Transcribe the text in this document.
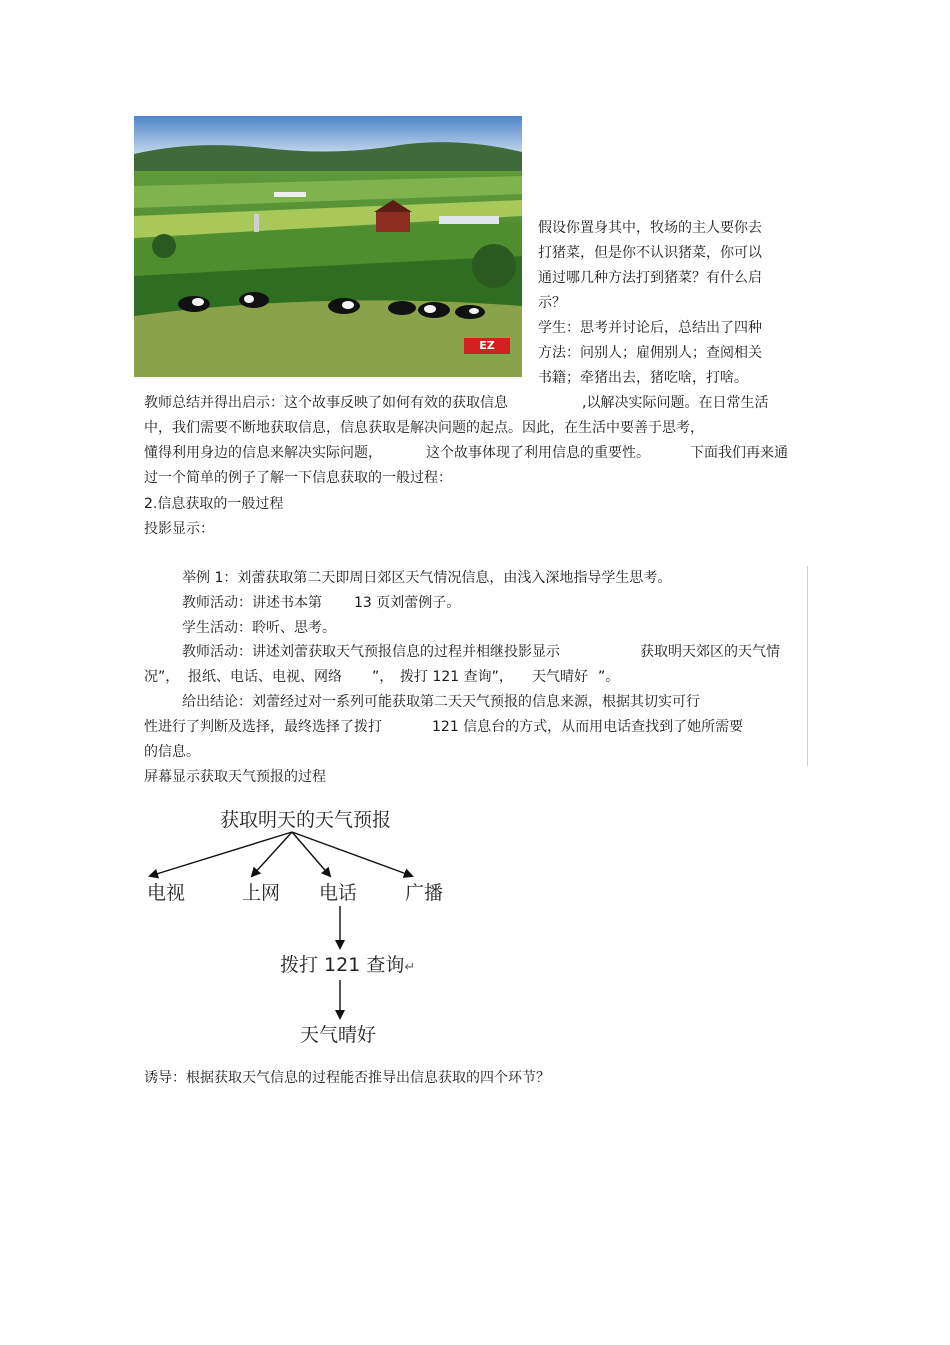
EZ
假设你置身其中，牧场的主人要你去
打猪菜，但是你不认识猪菜，你可以
通过哪几种方法打到猪菜？有什么启
示？
学生：思考并讨论后，总结出了四种
方法：问别人；雇佣别人；查阅相关
书籍；牵猪出去，猪吃啥，打啥。
教师总结并得出启示：这个故事反映了如何有效的获取信息	,以解决实际问题。在日常生活
中，我们需要不断地获取信息，信息获取是解决问题的起点。因此，在生活中要善于思考，
懂得利用身边的信息来解决实际问题，	这个故事体现了利用信息的重要性。	下面我们再来通
过一个简单的例子了解一下信息获取的一般过程：
2.信息获取的一般过程
投影显示：
举例 1：刘蕾获取第二天即周日郊区天气情况信息，由浅入深地指导学生思考。
教师活动：讲述书本第 13 页刘蕾例子。
学生活动：聆听、思考。
教师活动：讲述刘蕾获取天气预报信息的过程并相继投影显示	获取明天郊区的天气情
况”， 报纸、电话、电视、网络 ”， 拨打 121 查询”， 天气晴好 ”。
给出结论：刘蕾经过对一系列可能获取第二天天气预报的信息来源，根据其切实可行
性进行了判断及选择，最终选择了拨打	121 信息台的方式，从而用电话查找到了她所需要
的信息。
屏幕显示获取天气预报的过程
获取明天的天气预报
电视	上网 电话	广播
拨打 121 查询↵
天气晴好
诱导：根据获取天气信息的过程能否推导出信息获取的四个环节？
